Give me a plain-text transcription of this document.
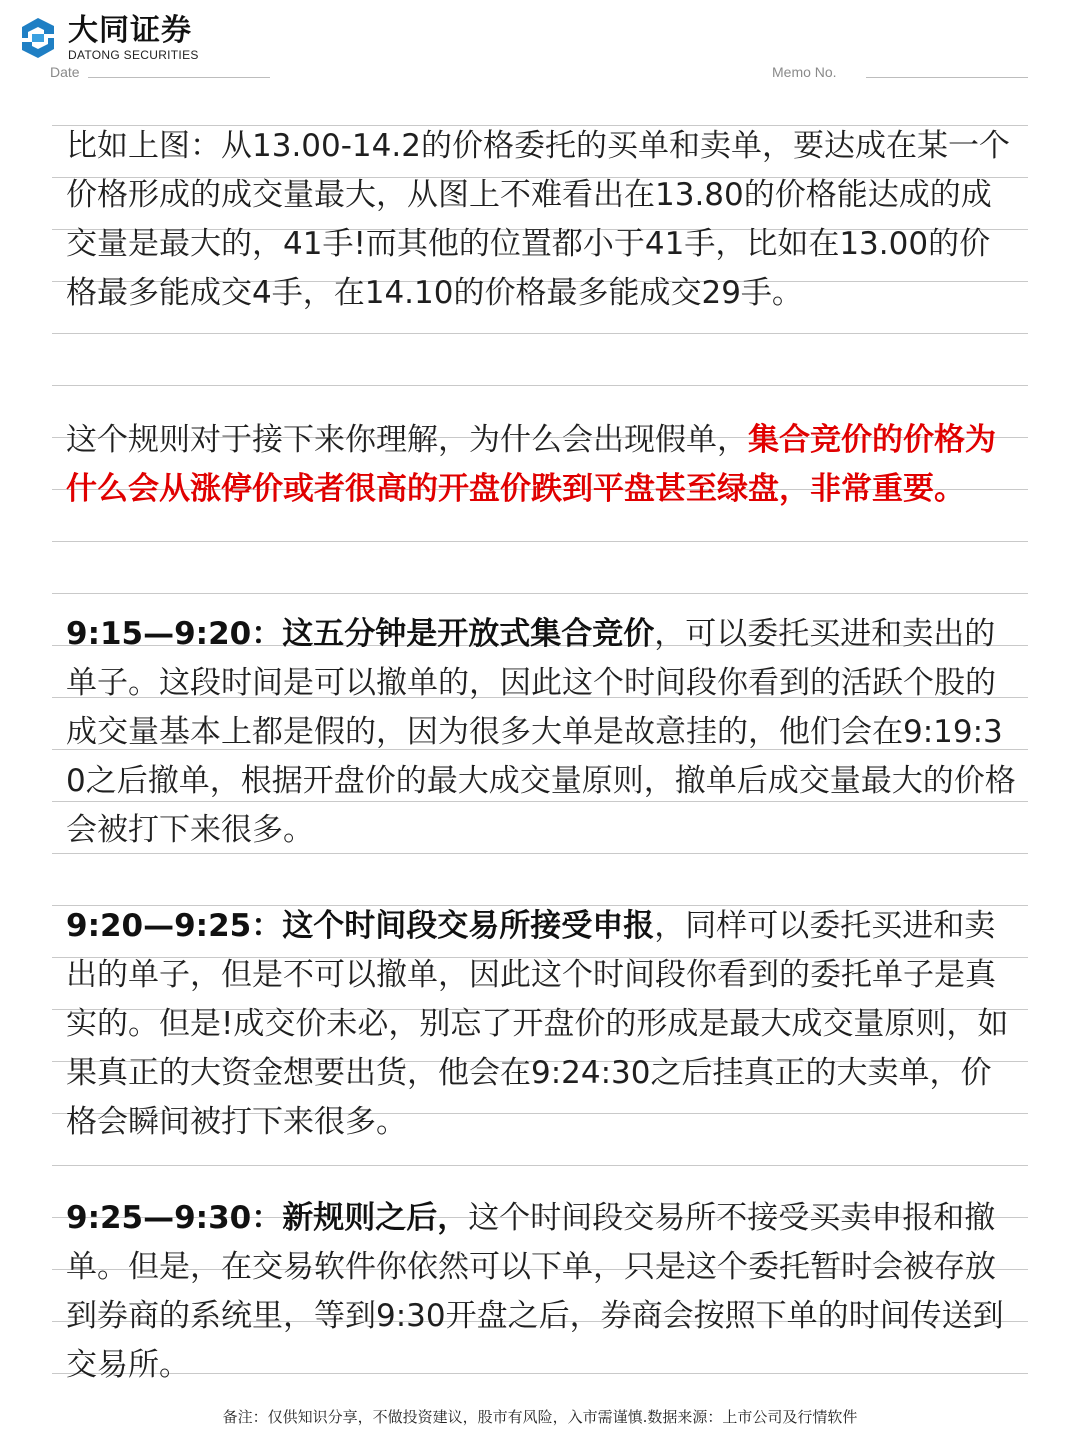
大同证券
DATONG SECURITIES
Date	Memo No.

比如上图：从13.00-14.2的价格委托的买单和卖单，要达成在某一个价格形成的成交量最大，从图上不难看出在13.80的价格能达成的成交量是最大的，41手!而其他的位置都小于41手，比如在13.00的价格最多能成交4手，在14.10的价格最多能成交29手。

这个规则对于接下来你理解，为什么会出现假单，集合竞价的价格为什么会从涨停价或者很高的开盘价跌到平盘甚至绿盘，非常重要。

9:15—9:20：这五分钟是开放式集合竞价，可以委托买进和卖出的单子。这段时间是可以撤单的，因此这个时间段你看到的活跃个股的成交量基本上都是假的，因为很多大单是故意挂的，他们会在9:19:30之后撤单，根据开盘价的最大成交量原则，撤单后成交量最大的价格会被打下来很多。

9:20—9:25：这个时间段交易所接受申报，同样可以委托买进和卖出的单子，但是不可以撤单，因此这个时间段你看到的委托单子是真实的。但是!成交价未必，别忘了开盘价的形成是最大成交量原则，如果真正的大资金想要出货，他会在9:24:30之后挂真正的大卖单，价格会瞬间被打下来很多。

9:25—9:30：新规则之后，这个时间段交易所不接受买卖申报和撤单。但是，在交易软件你依然可以下单，只是这个委托暂时会被存放到券商的系统里，等到9:30开盘之后，券商会按照下单的时间传送到交易所。

备注：仅供知识分享，不做投资建议，股市有风险，入市需谨慎.数据来源：上市公司及行情软件
